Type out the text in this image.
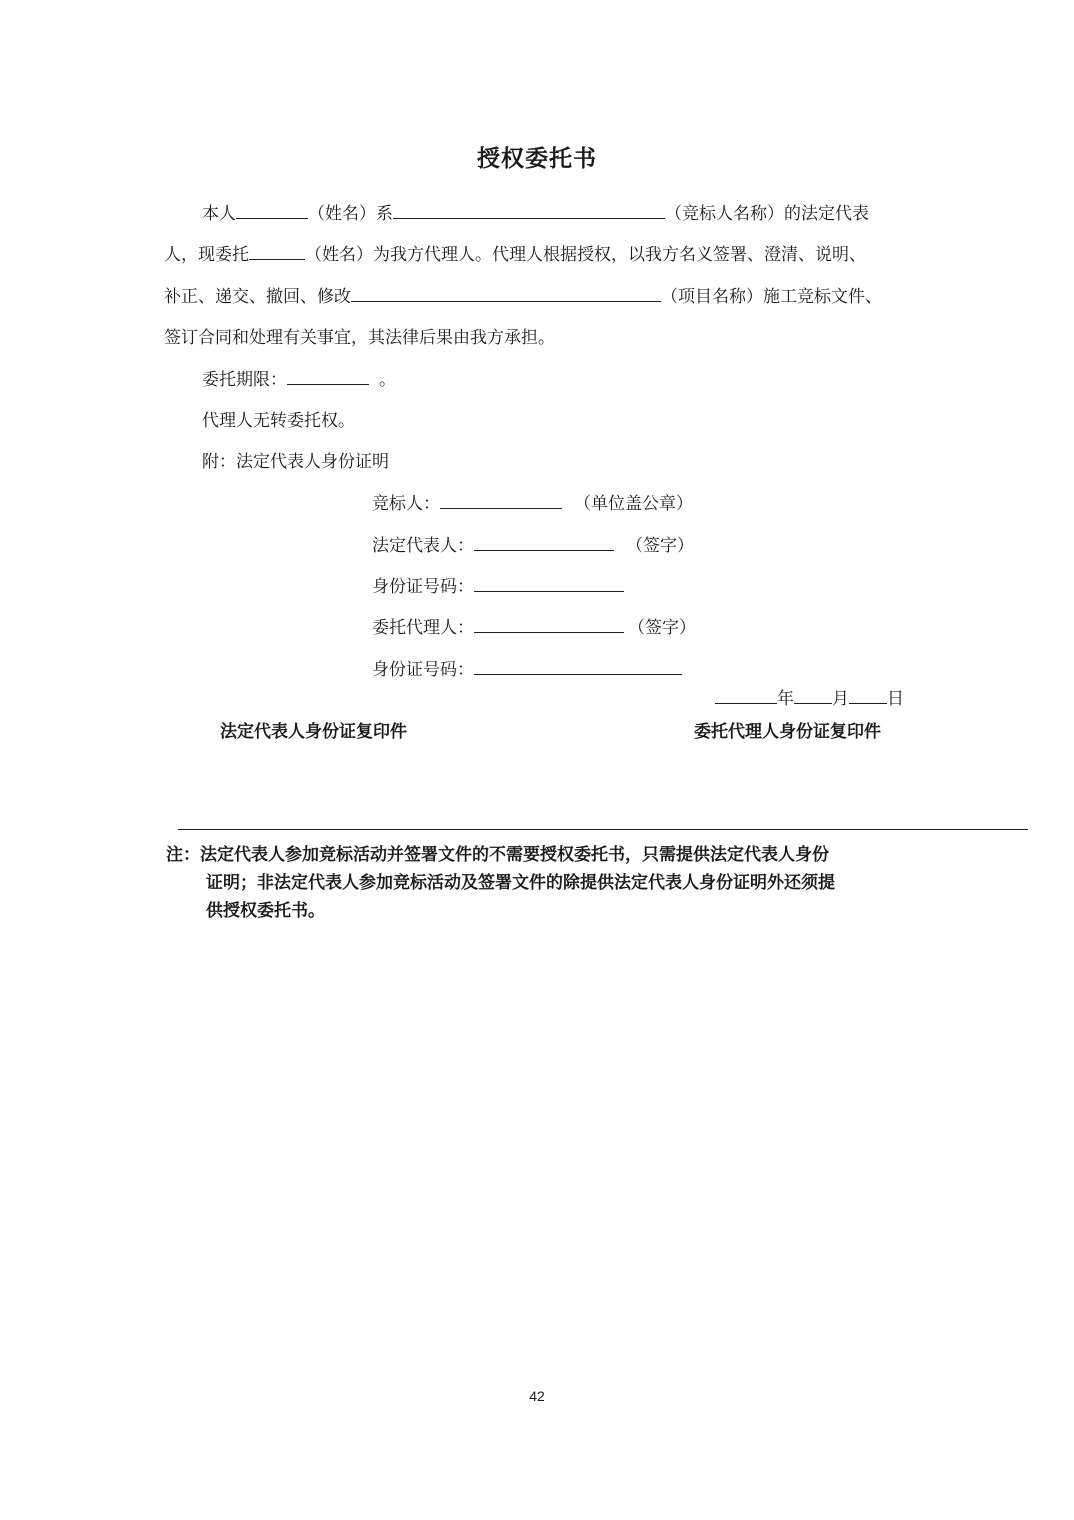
授权委托书
本人	（姓名）系	（竞标人名称）的法定代表
人，现委托	（姓名）为我方代理人。代理人根据授权，以我方名义签署、澄清、说明、
补正、递交、撤回、修改	（项目名称）施工竞标文件、
签订合同和处理有关事宜，其法律后果由我方承担。
委托期限：	。
代理人无转委托权。
附：法定代表人身份证明
竞标人：	（单位盖公章）
法定代表人：	（签字）
身份证号码：
委托代理人：	（签字）
身份证号码：
年 月 日
法定代表人身份证复印件	委托代理人身份证复印件
注：法定代表人参加竞标活动并签署文件的不需要授权委托书，只需提供法定代表人身份
证明；非法定代表人参加竞标活动及签署文件的除提供法定代表人身份证明外还须提
供授权委托书。
42
